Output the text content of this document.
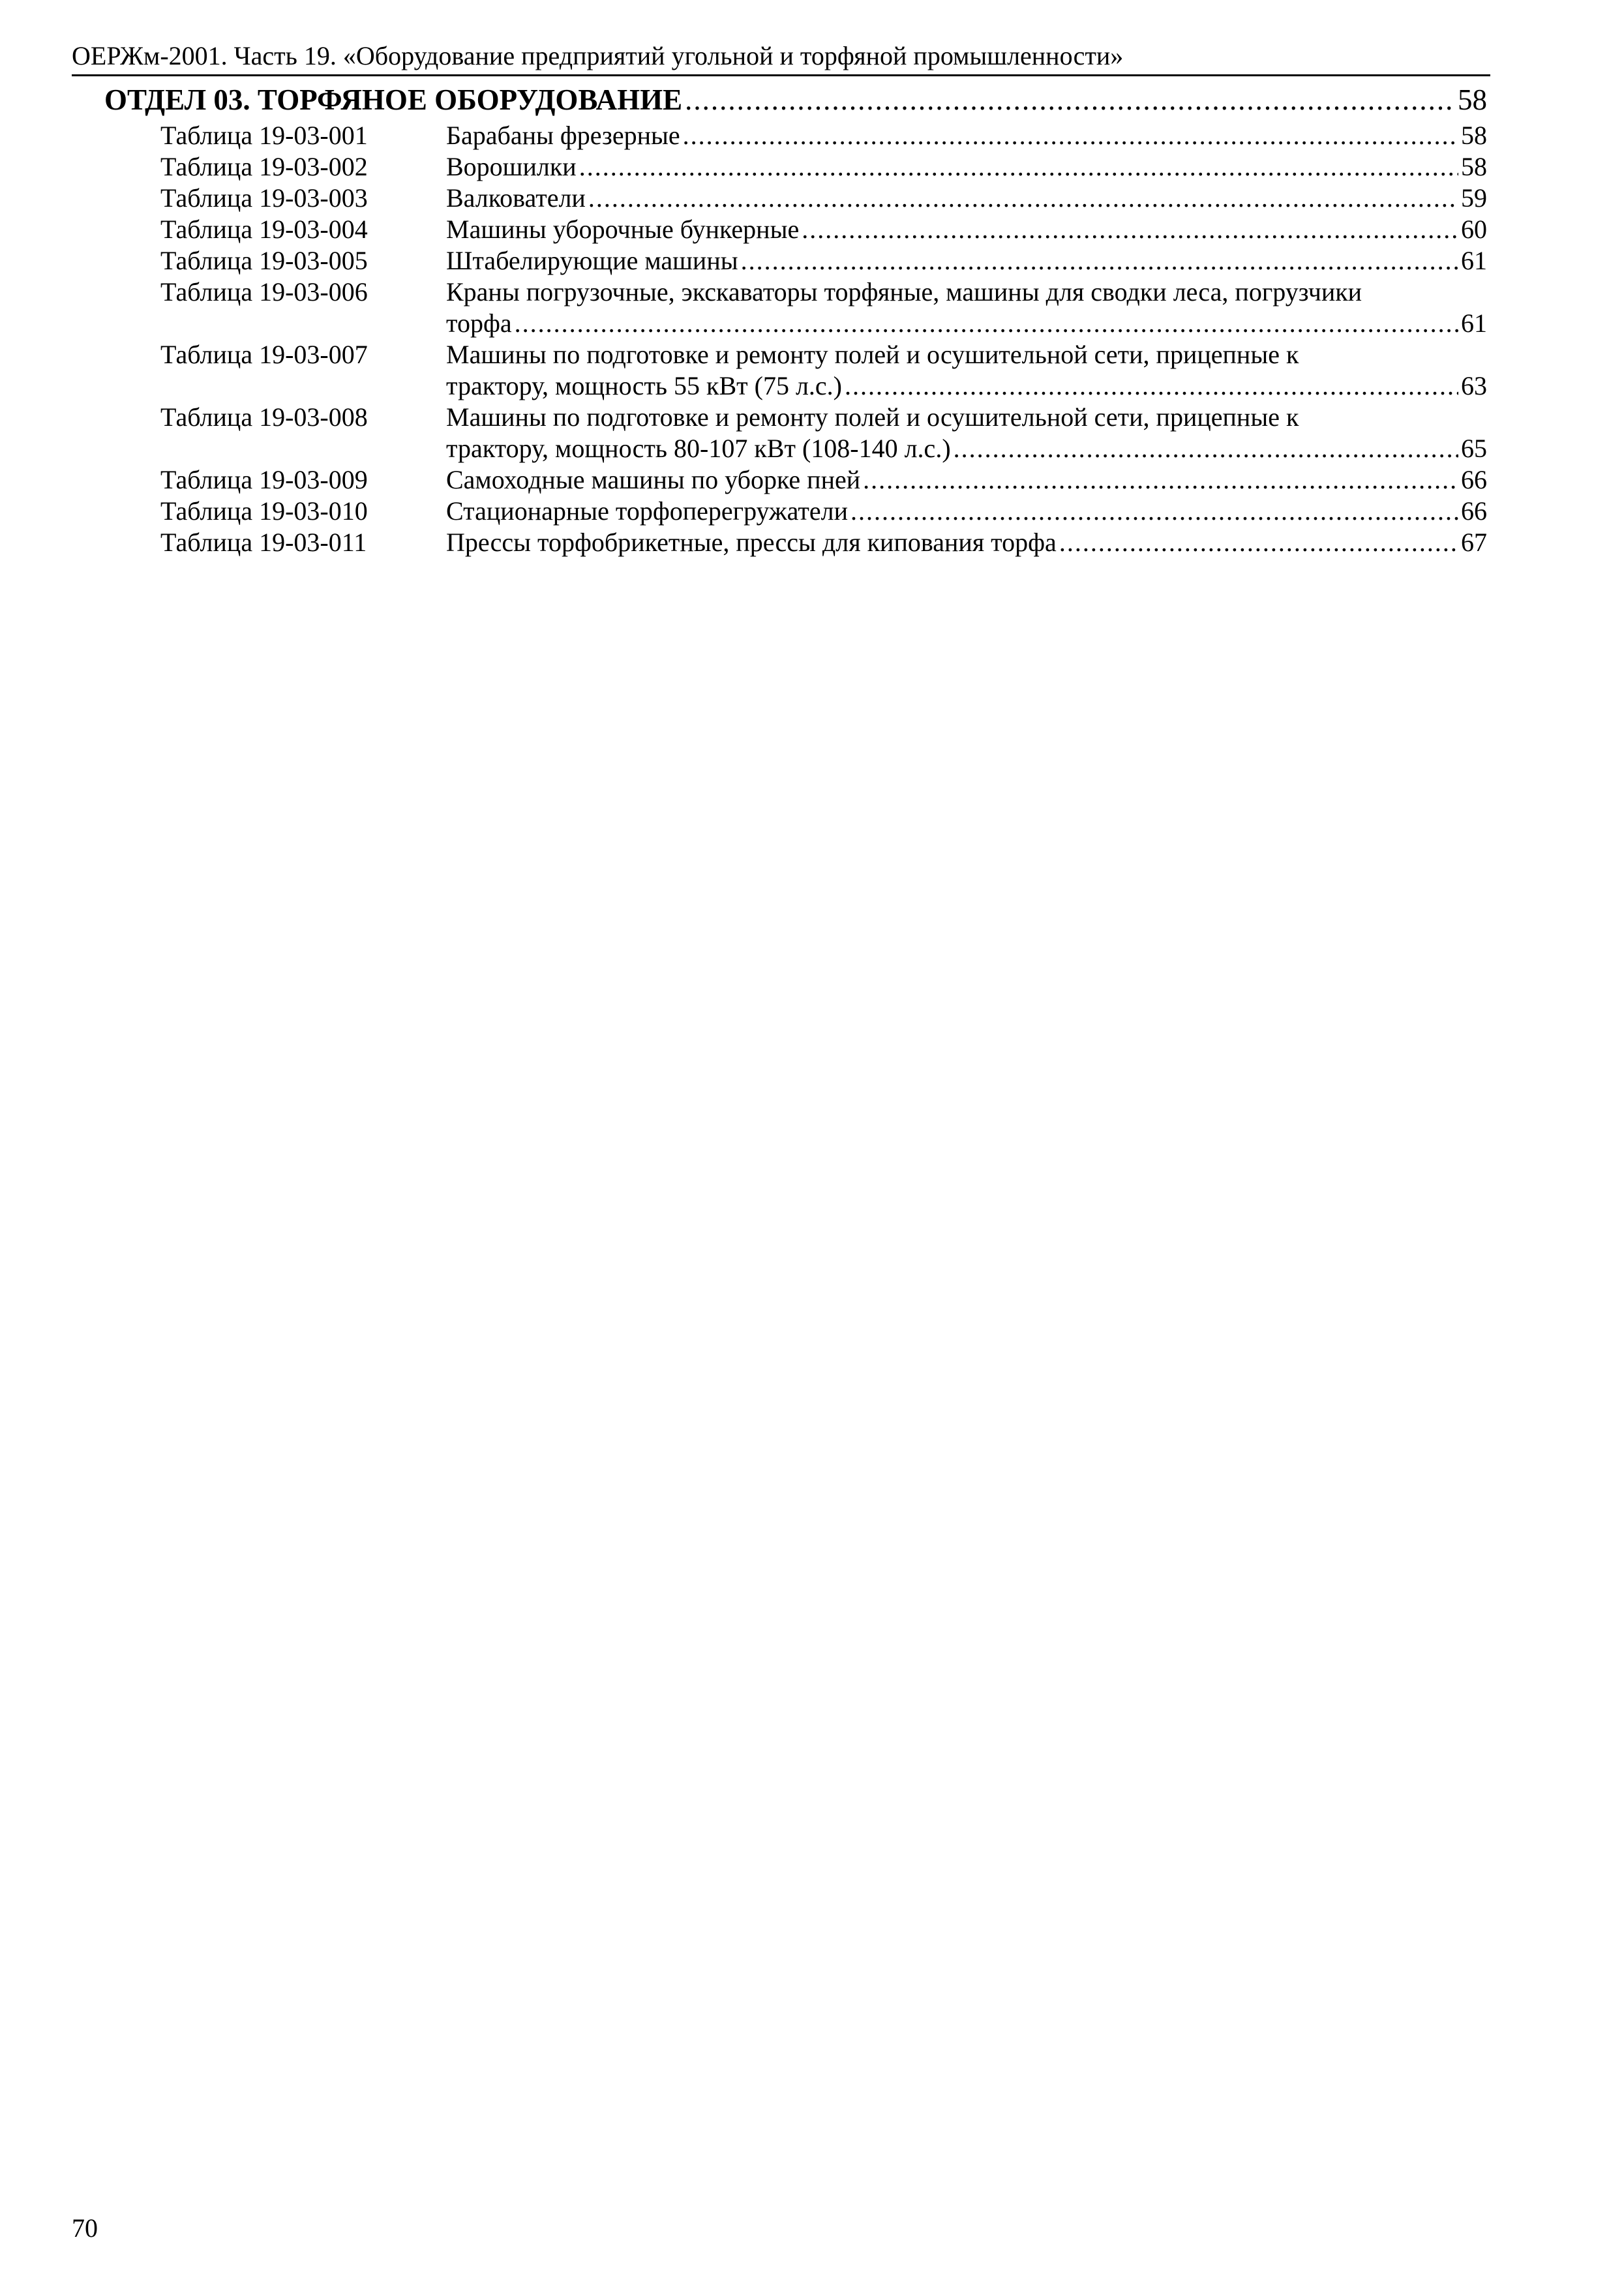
ОЕРЖм-2001. Часть 19. «Оборудование предприятий угольной и торфяной промышленности»
ОТДЕЛ 03. ТОРФЯНОЕ ОБОРУДОВАНИЕ .....	58
Таблица 19-03-001	Барабаны фрезерные .....	58
Таблица 19-03-002	Ворошилки .....	58
Таблица 19-03-003	Валкователи .....	59
Таблица 19-03-004	Машины уборочные бункерные .....	60
Таблица 19-03-005	Штабелирующие машины .....	61
Таблица 19-03-006	Краны погрузочные, экскаваторы торфяные, машины для сводки леса, погрузчики
торфа .....	61
Таблица 19-03-007	Машины по подготовке и ремонту полей и осушительной сети, прицепные к
трактору, мощность 55 кВт (75 л.с.) .....	63
Таблица 19-03-008	Машины по подготовке и ремонту полей и осушительной сети, прицепные к
трактору, мощность 80-107 кВт (108-140 л.с.) .....	65
Таблица 19-03-009	Самоходные машины по уборке пней .....	66
Таблица 19-03-010	Стационарные торфоперегружатели .....	66
Таблица 19-03-011	Прессы торфобрикетные, прессы для кипования торфа .....	67
70
